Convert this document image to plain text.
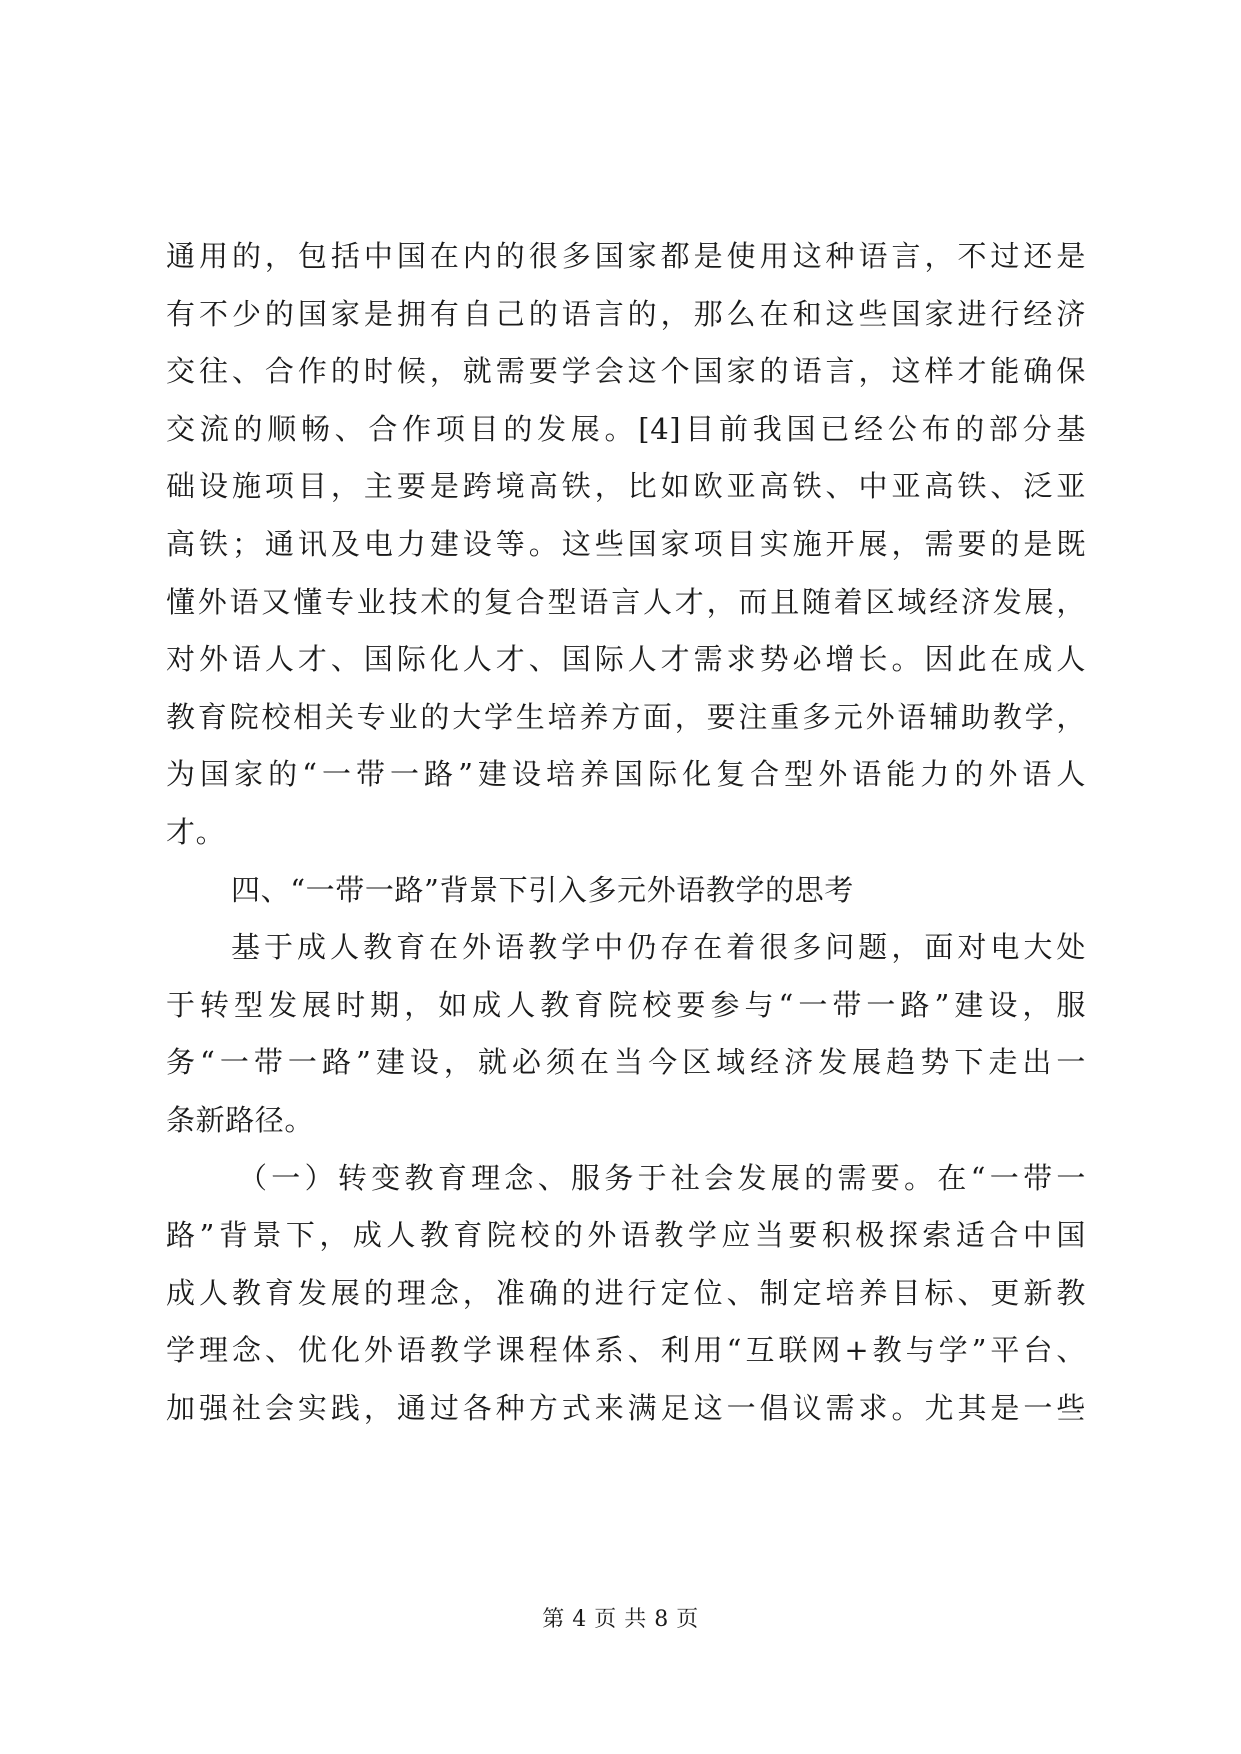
通用的，包括中国在内的很多国家都是使用这种语言，不过还是
有不少的国家是拥有自己的语言的，那么在和这些国家进行经济
交往、合作的时候，就需要学会这个国家的语言，这样才能确保
交流的顺畅、合作项目的发展。[4]目前我国已经公布的部分基
础设施项目，主要是跨境高铁，比如欧亚高铁、中亚高铁、泛亚
高铁；通讯及电力建设等。这些国家项目实施开展，需要的是既
懂外语又懂专业技术的复合型语言人才，而且随着区域经济发展，
对外语人才、国际化人才、国际人才需求势必增长。因此在成人
教育院校相关专业的大学生培养方面，要注重多元外语辅助教学，
为国家的“一带一路”建设培养国际化复合型外语能力的外语人
才。
四、“一带一路”背景下引入多元外语教学的思考
基于成人教育在外语教学中仍存在着很多问题，面对电大处
于转型发展时期，如成人教育院校要参与“一带一路”建设，服
务“一带一路”建设，就必须在当今区域经济发展趋势下走出一
条新路径。
（一）转变教育理念、服务于社会发展的需要。在“一带一
路”背景下，成人教育院校的外语教学应当要积极探索适合中国
成人教育发展的理念，准确的进行定位、制定培养目标、更新教
学理念、优化外语教学课程体系、利用“互联网+教与学”平台、
加强社会实践，通过各种方式来满足这一倡议需求。尤其是一些
第 4 页 共 8 页
